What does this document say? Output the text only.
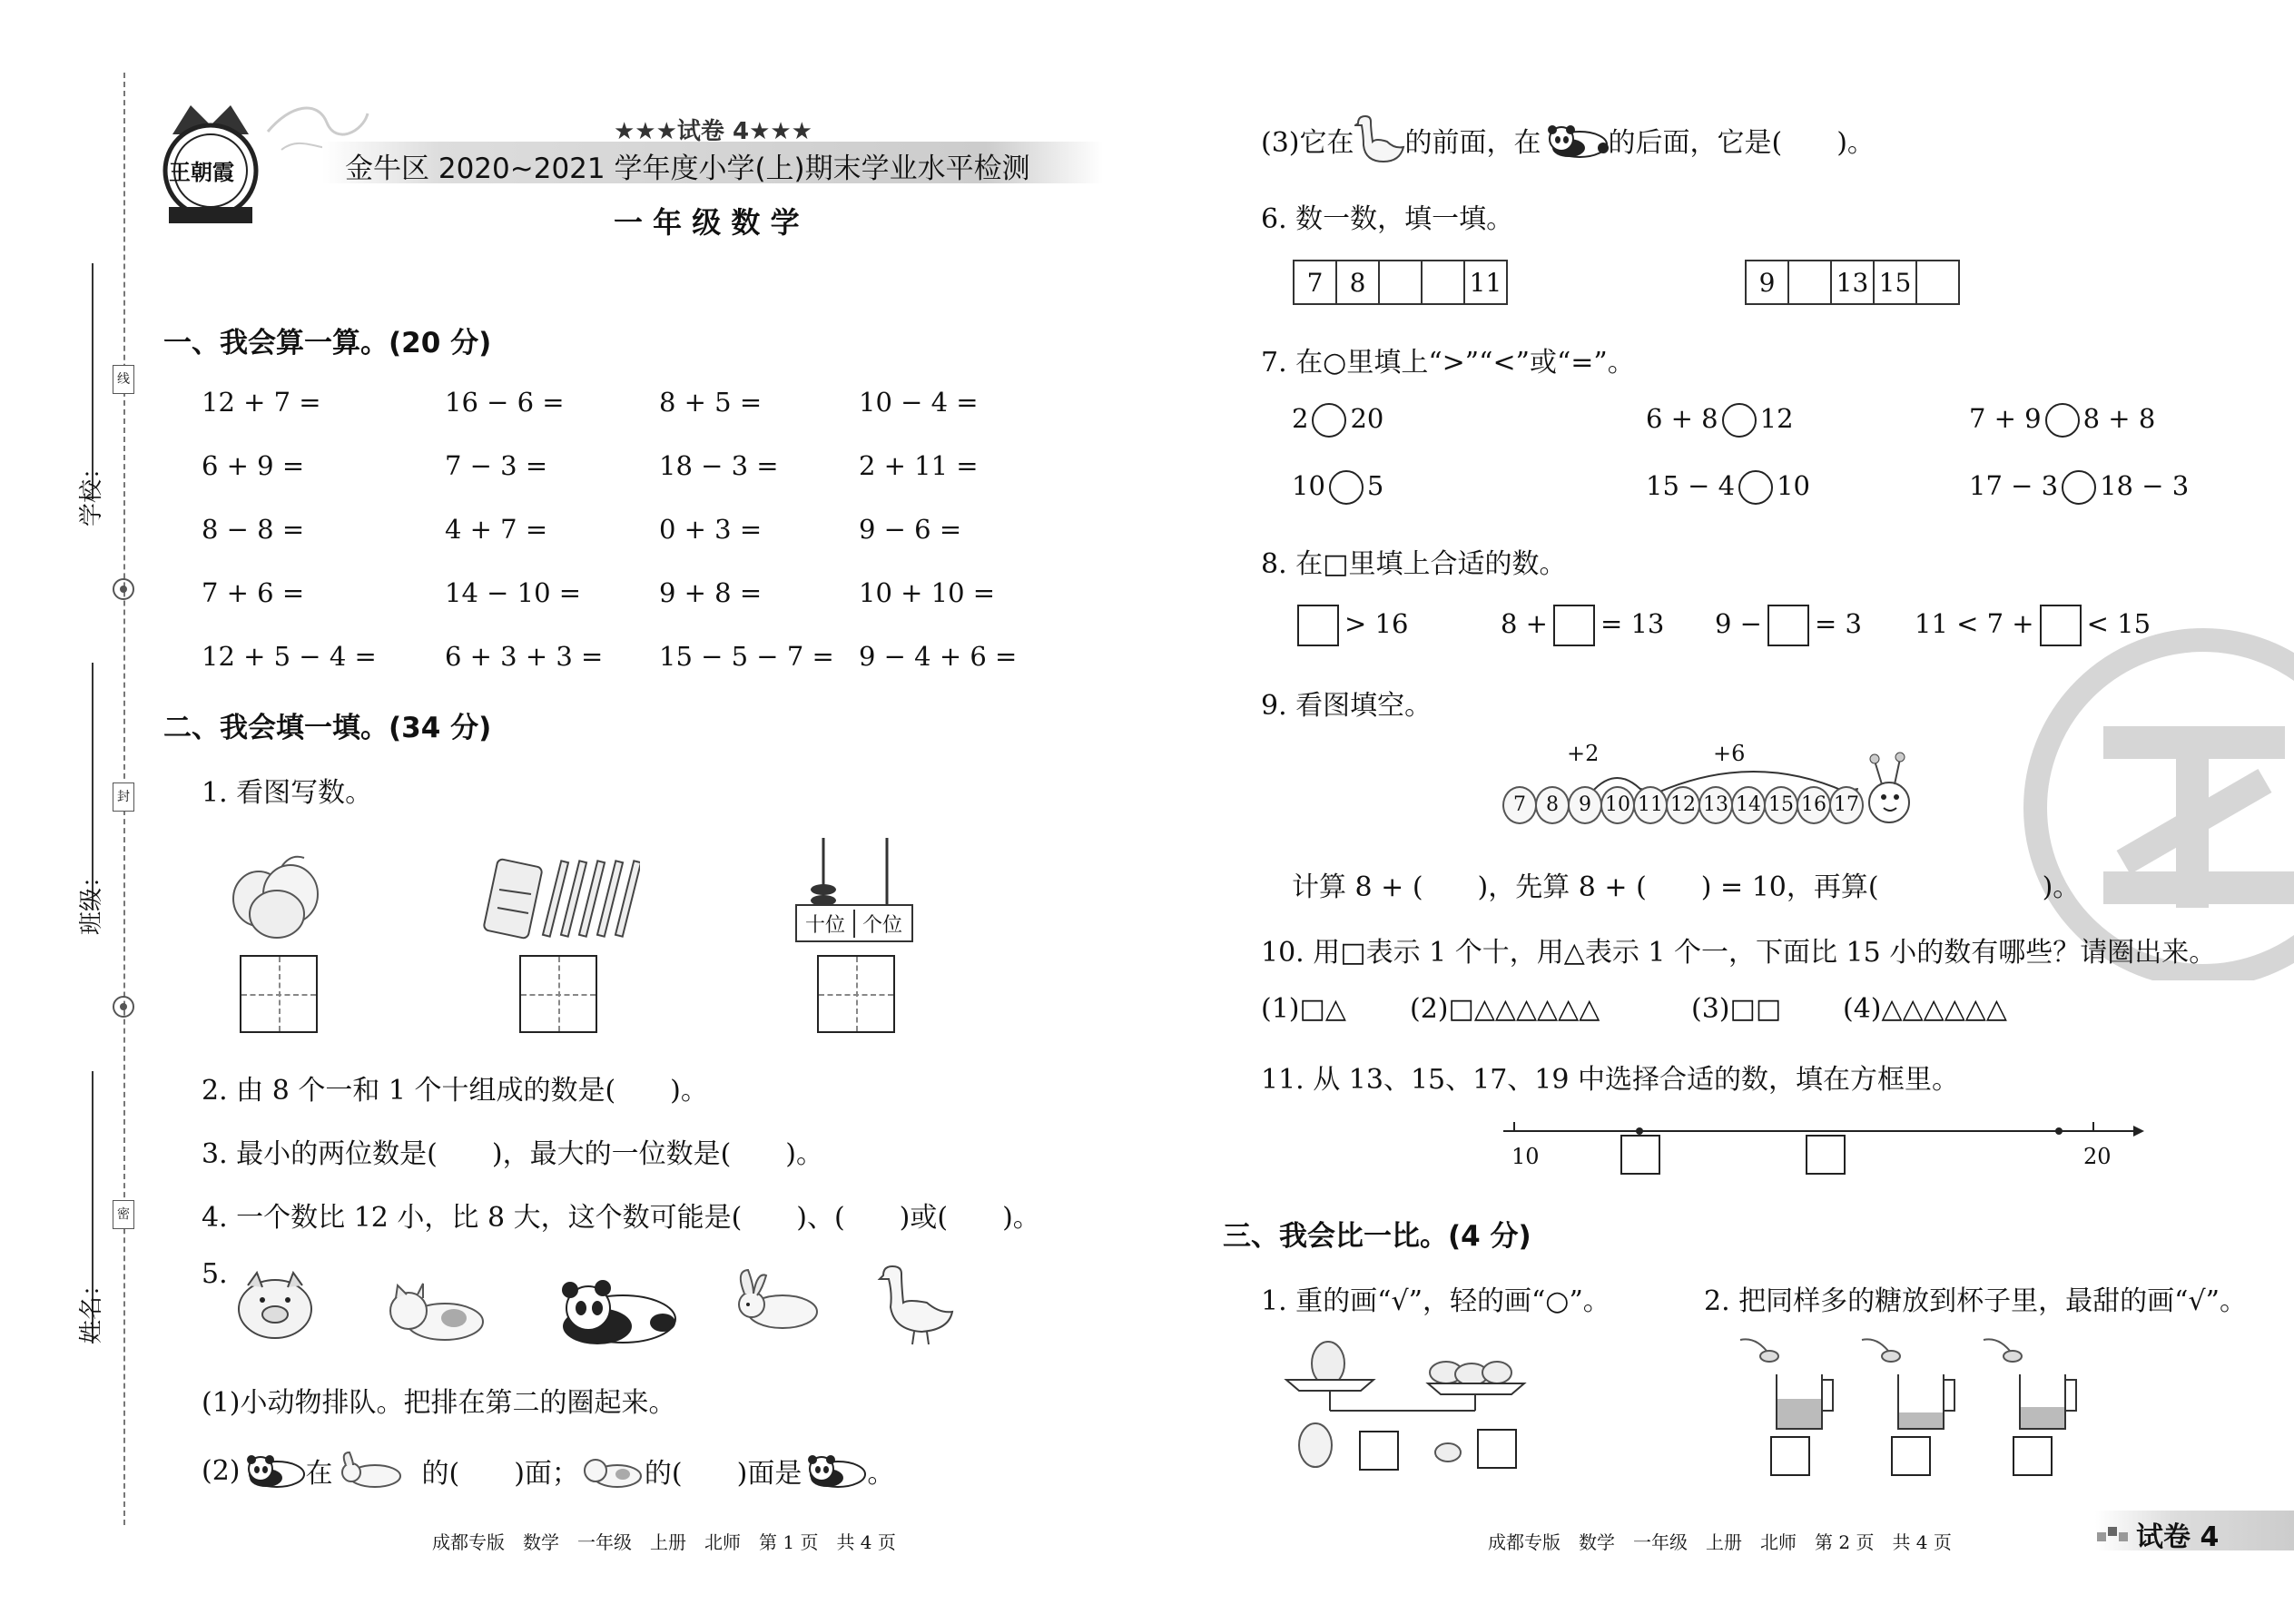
学校：
班级：
姓名：
线
封
密
王朝霞
★★★试卷 4★★★
金牛区 2020~2021 学年度小学(上)期末学业水平检测
一 年 级 数 学
一、我会算一算。(20 分)
12 + 7 =	16 − 6 =	8 + 5 =	10 − 4 =
6 + 9 =	7 − 3 =	18 − 3 =	2 + 11 =
8 − 8 =	4 + 7 =	0 + 3 =	9 − 6 =
7 + 6 =	14 − 10 =	9 + 8 =	10 + 10 =
12 + 5 − 4 =	6 + 3 + 3 = 15 − 5 − 7 = 9 − 4 + 6 =
二、我会填一填。(34 分)
1. 看图写数。
十位 个位
2. 由 8 个一和 1 个十组成的数是(　　)。
3. 最小的两位数是(　　)，最大的一位数是(　　)。
4. 一个数比 12 小，比 8 大，这个数可能是(　　)、(　　)或(　　)。
5.
(1)小动物排队。把排在第二的圈起来。
(2) 在	的(　　)面； 的(　　)面是 。
成都专版　数学　一年级　上册　北师　第 1 页　共 4 页
(3)它在 的前面，在 的后面，它是(　　)。
6. 数一数，填一填。
7	8			11	9		13	15	
7. 在○里填上“>”“<”或“=”。
2 20	6 + 8 12	7 + 9 8 + 8
10 5	15 − 4 10	17 − 3 18 − 3
8. 在□里填上合适的数。
> 16	8 + = 13 9 − = 3 11 < 7 + < 15
9. 看图填空。
+2	+6
7	8	9 10 11 12 13 14 15 16 17
计算 8 + (　　)，先算 8 + (　　) = 10，再算(　　　　　　)。
10. 用□表示 1 个十，用△表示 1 个一，下面比 15 小的数有哪些？请圈出来。
(1)□△ (2)□△△△△△△	(3)□□ (4)△△△△△△
11. 从 13、15、17、19 中选择合适的数，填在方框里。
10	20
三、我会比一比。(4 分)
1. 重的画“√”，轻的画“○”。	2. 把同样多的糖放到杯子里，最甜的画“√”。
成都专版　数学　一年级　上册　北师　第 2 页　共 4 页	试卷 4
